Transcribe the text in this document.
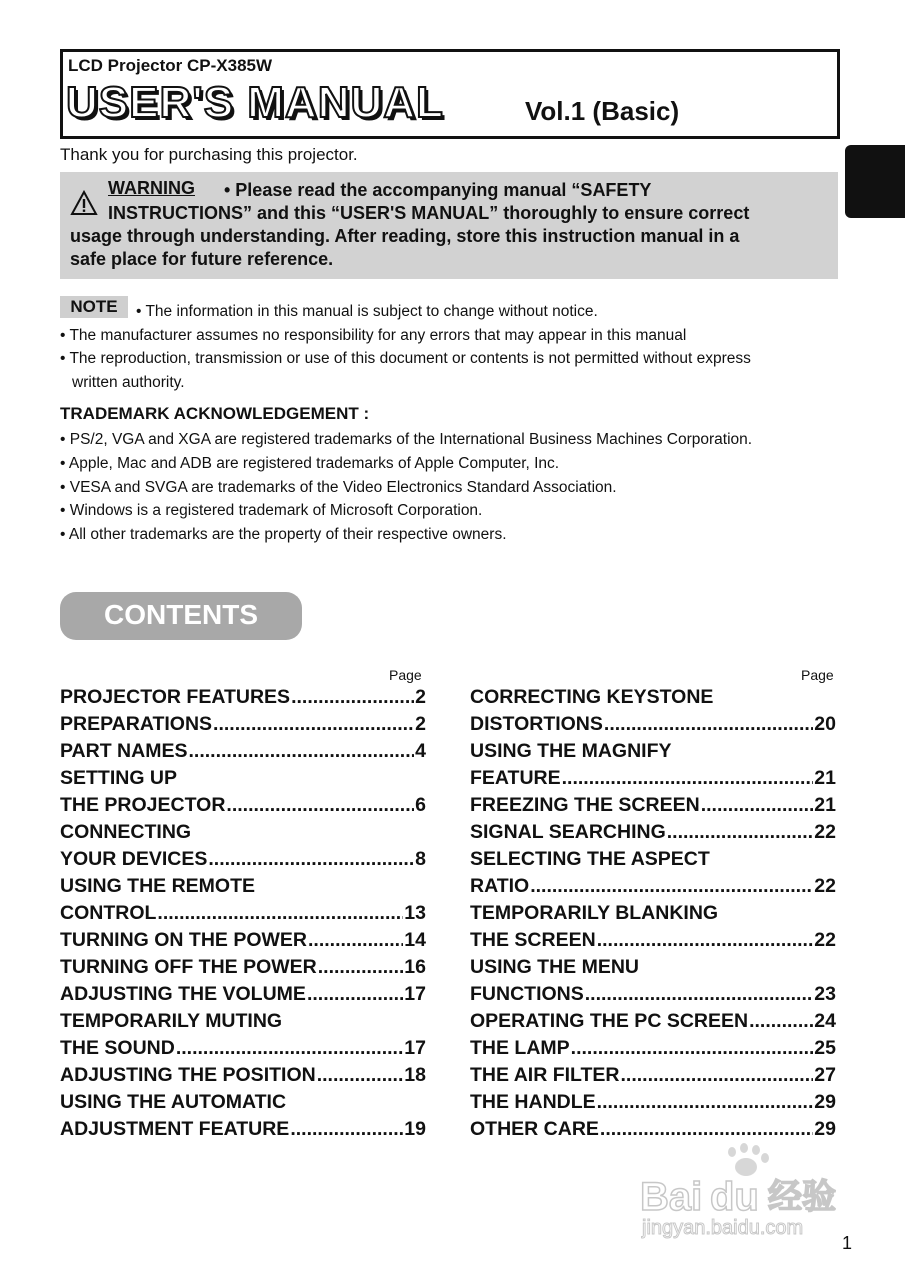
LCD Projector CP-X385W
USER'S MANUAL	Vol.1 (Basic)
Thank you for purchasing this projector.
WARNING • Please read the accompanying manual “SAFETY
INSTRUCTIONS” and this “USER'S MANUAL” thoroughly to ensure correct
usage through understanding. After reading, store this instruction manual in a
safe place for future reference.
NOTE	• The information in this manual is subject to change without notice.
• The manufacturer assumes no responsibility for any errors that may appear in this manual
• The reproduction, transmission or use of this document or contents is not permitted without express
written authority.
TRADEMARK ACKNOWLEDGEMENT :
• PS/2, VGA and XGA are registered trademarks of the International Business Machines Corporation.
• Apple, Mac and ADB are registered trademarks of Apple Computer, Inc.
• VESA and SVGA are trademarks of the Video Electronics Standard Association.
• Windows is a registered trademark of Microsoft Corporation.
• All other trademarks are the property of their respective owners.
CONTENTS
Page	Page
PROJECTOR FEATURES .....	2
PREPARATIONS .....	2
PART NAMES .....	4
SETTING UP
THE PROJECTOR .....	6
CONNECTING
YOUR DEVICES .....	8
USING THE REMOTE
CONTROL .....	13
TURNING ON THE POWER .....	14
TURNING OFF THE POWER .....	16
ADJUSTING THE VOLUME .....	17
TEMPORARILY MUTING
THE SOUND .....	17
ADJUSTING THE POSITION .....	18
USING THE AUTOMATIC
ADJUSTMENT FEATURE .....	19
CORRECTING KEYSTONE
DISTORTIONS .....	20
USING THE MAGNIFY
FEATURE .....	21
FREEZING THE SCREEN .....	21
SIGNAL SEARCHING .....	22
SELECTING THE ASPECT
RATIO .....	22
TEMPORARILY BLANKING
THE SCREEN .....	22
USING THE MENU
FUNCTIONS .....	23
OPERATING THE PC SCREEN .....	24
THE LAMP .....	25
THE AIR FILTER .....	27
THE HANDLE .....	29
OTHER CARE .....	29
Bai du 经验
jingyan.baidu.com
1
